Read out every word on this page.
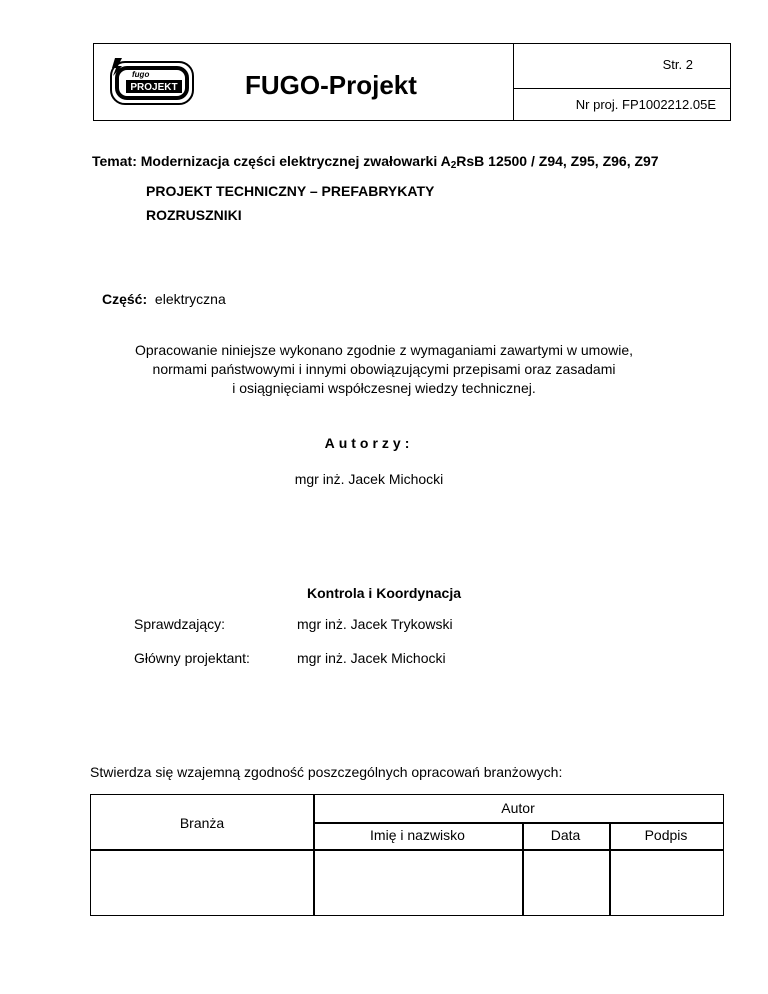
fugo
PROJEKT	FUGO-Projekt
Str. 2
Nr proj. FP1002212.05E
Temat: Modernizacja części elektrycznej zwałowarki $A_2RsB$ 12500 / Z94, Z95, Z96, Z97
PROJEKT TECHNICZNY – PREFABRYKATY
ROZRUSZNIKI
Część: elektryczna
Opracowanie niniejsze wykonano zgodnie z wymaganiami zawartymi w umowie,
normami państwowymi i innymi obowiązującymi przepisami oraz zasadami
i osiągnięciami współczesnej wiedzy technicznej.
Autorzy:
mgr inż. Jacek Michocki
Kontrola i Koordynacja
Sprawdzający:	mgr inż. Jacek Trykowski
Główny projektant:	mgr inż. Jacek Michocki
Stwierdza się wzajemną zgodność poszczególnych opracowań branżowych:
Branża
Autor
Imię i nazwisko	Data	Podpis
